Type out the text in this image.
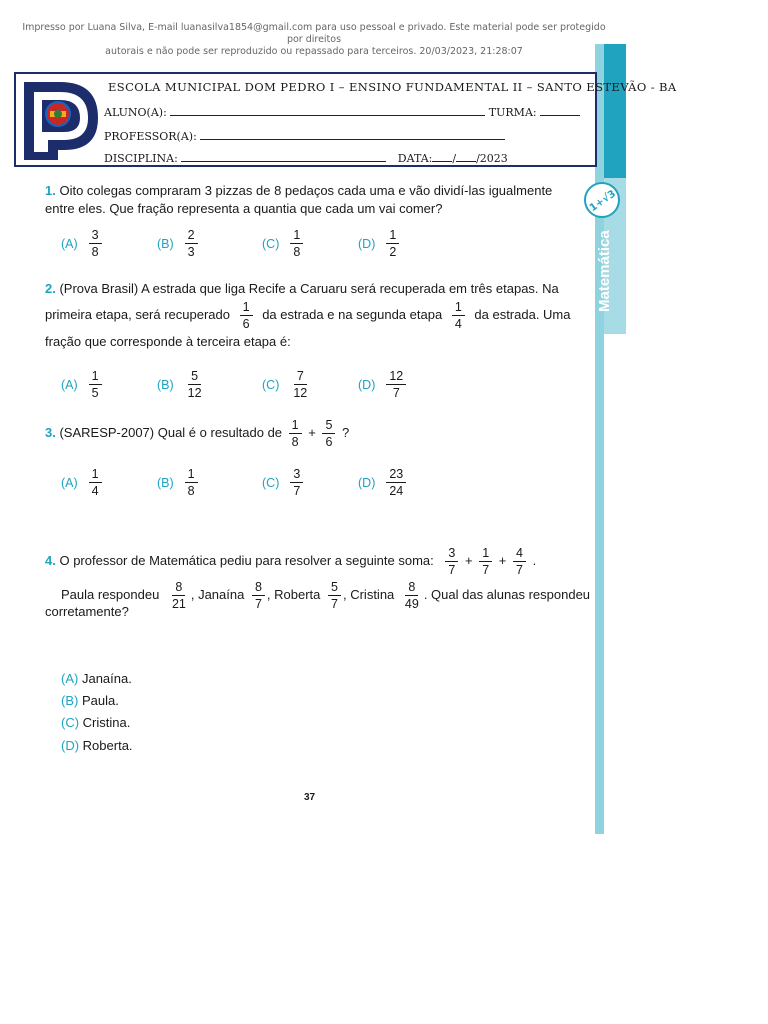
Impresso por Luana Silva, E-mail luanasilva1854@gmail.com para uso pessoal e privado. Este material pode ser protegido por direitos
autorais e não pode ser reproduzido ou repassado para terceiros. 20/03/2023, 21:28:07
1+√3
Matemática
ESCOLA MUNICIPAL DOM PEDRO I – ENSINO FUNDAMENTAL II – SANTO ESTEVÃO - BA
ALUNO(A):	TURMA:
PROFESSOR(A):
DISCIPLINA:	DATA: / /2023
1. Oito colegas compraram 3 pizzas de 8 pedaços cada uma e vão dividí-las igualmente entre eles. Que fração representa a quantia que cada um vai comer?
$(A) \frac{3}{8}$	$(B) \frac{2}{3}$	$(C) \frac{1}{8}$	$(D) \frac{1}{2}$
2. (Prova Brasil) A estrada que liga Recife a Caruaru será recuperada em três etapas. Na
primeira etapa, será recuperado $\frac{1}{6}$ da estrada e na segunda etapa $\frac{1}{4}$ da estrada. Uma
fração que corresponde à terceira etapa é:
$(A) \frac{1}{5}$	$(B) \frac{5}{12}$	$(C) \frac{7}{12}$	$(D) \frac{12}{7}$
3. (SARESP-2007) Qual é o resultado de $\frac{1}{8} + \frac{5}{6}$ ?
$(A) \frac{1}{4}$	$(B) \frac{1}{8}$	$(C) \frac{3}{7}$	$(D) \frac{23}{24}$
4. O professor de Matemática pediu para resolver a seguinte soma: $\frac{3}{7} + \frac{1}{7} + \frac{4}{7}$ .
Paula respondeu $\frac{8}{21}$ , Janaína $\frac{8}{7}$ , Roberta $\frac{5}{7}$ , Cristina $\frac{8}{49}$ . Qual das alunas respondeu
corretamente?
(A) Janaína.
(B) Paula.
(C) Cristina.
(D) Roberta.
37
